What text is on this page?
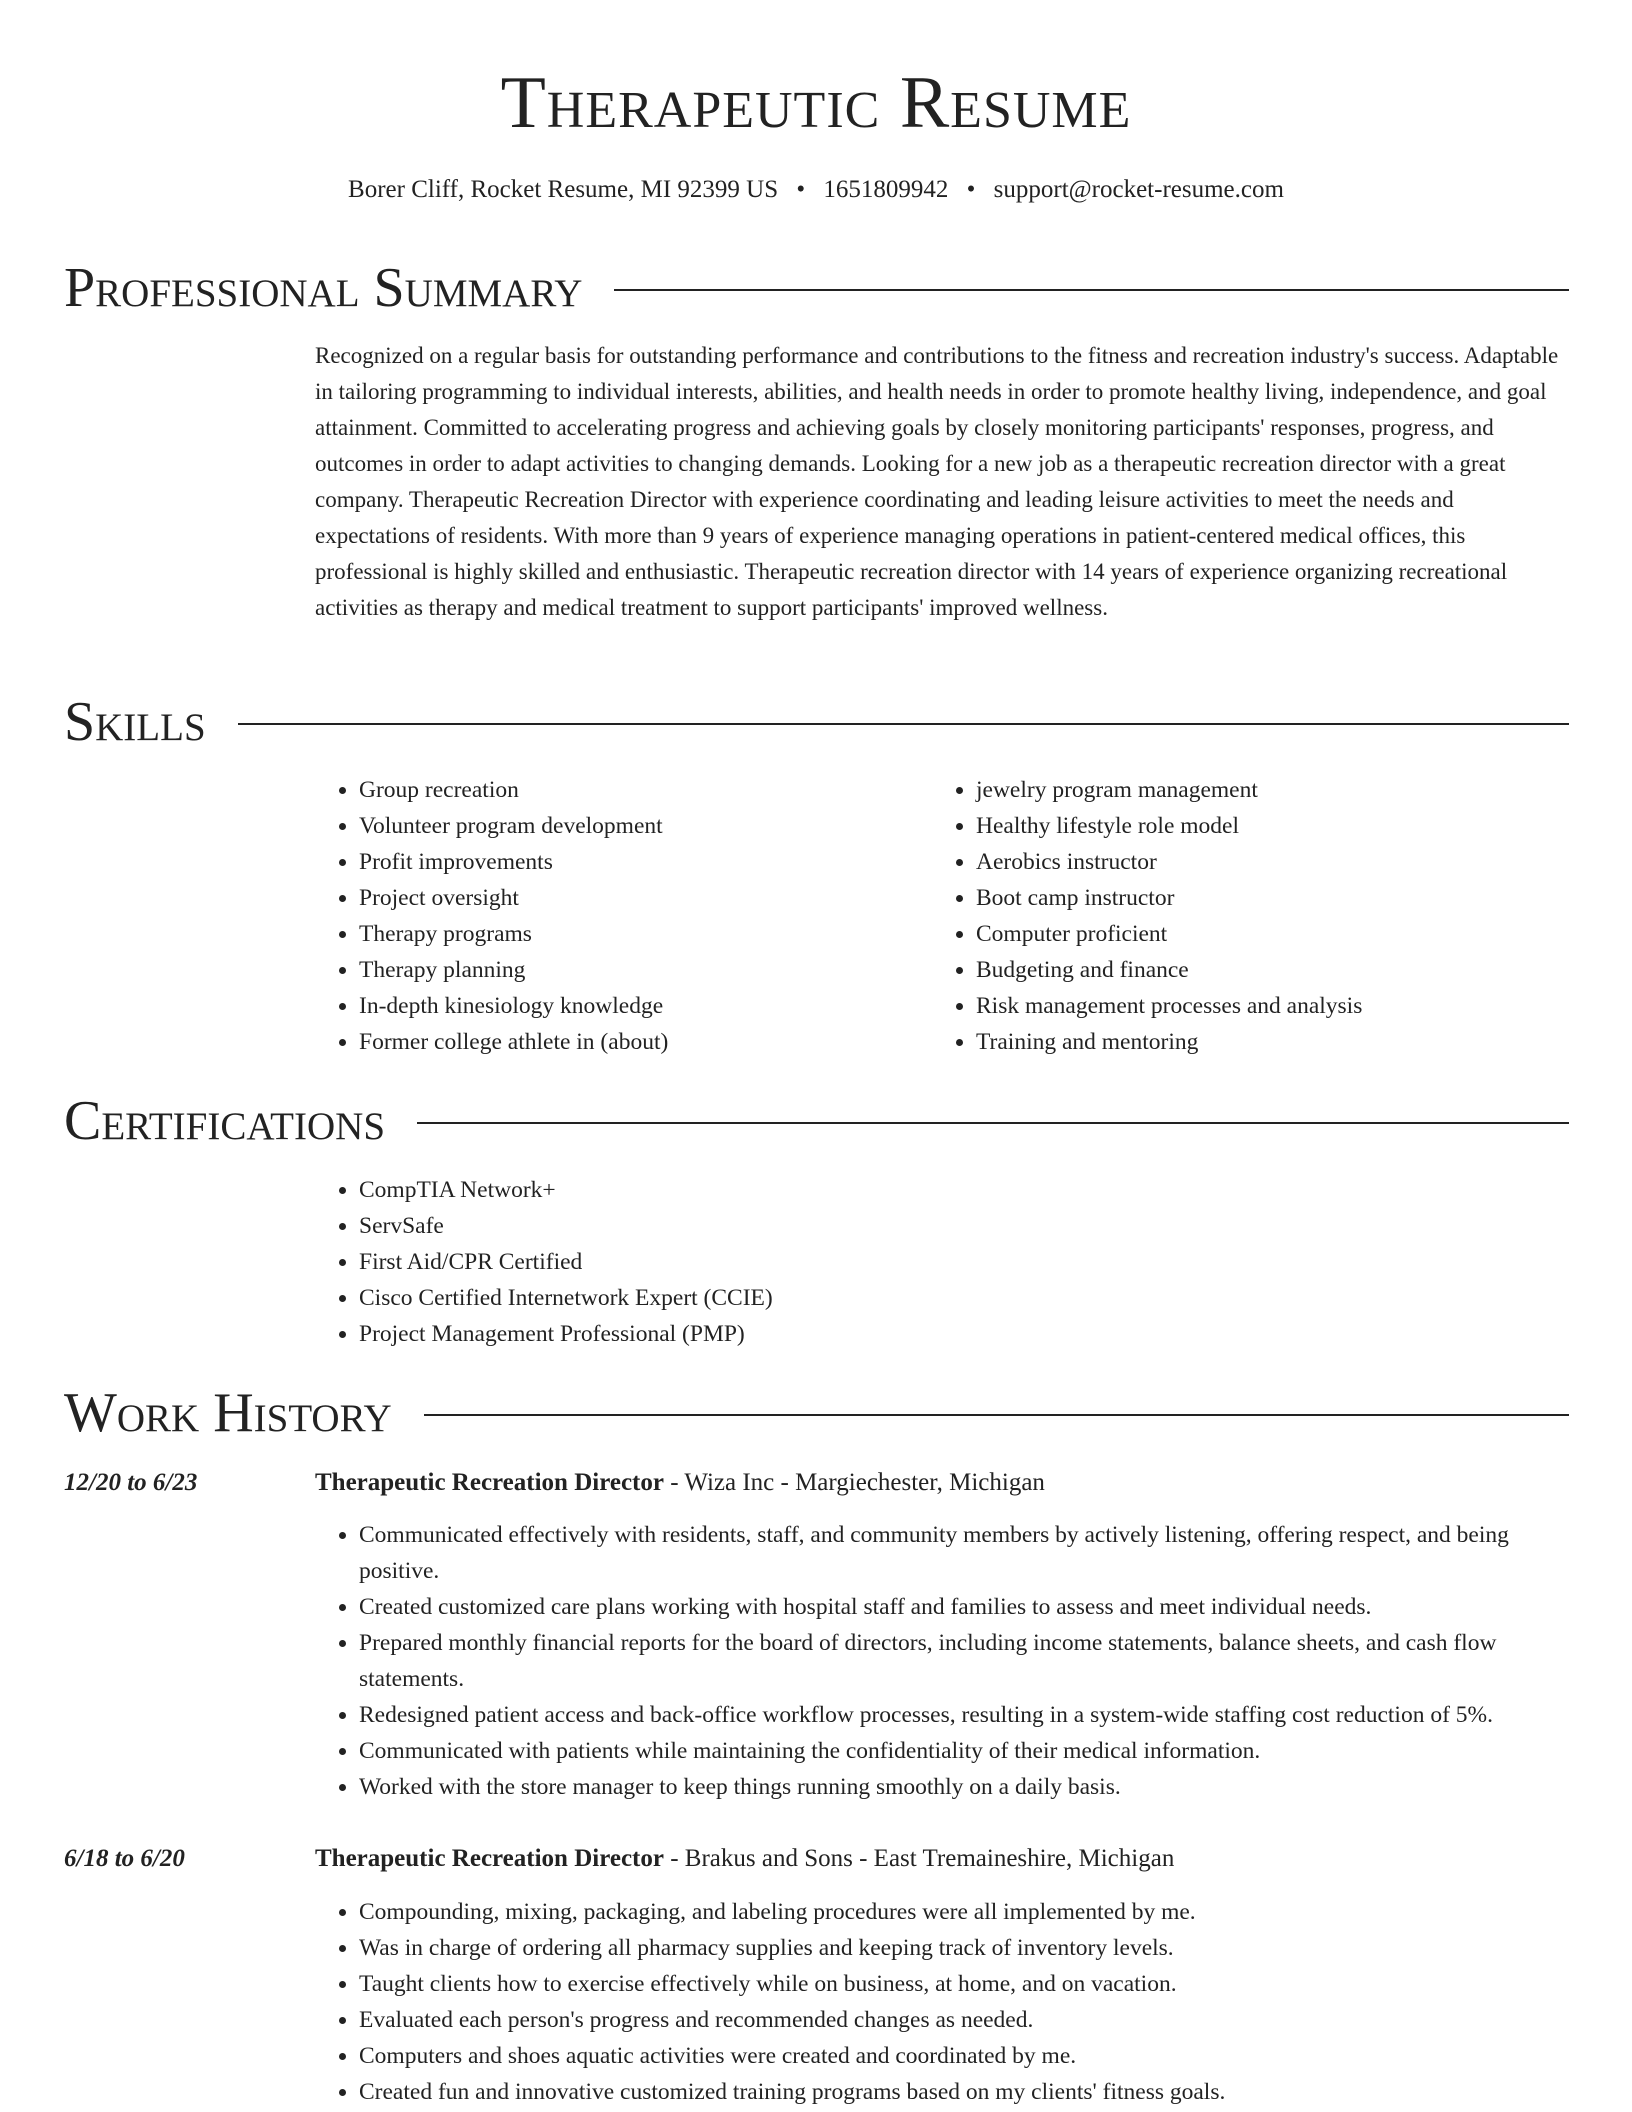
Therapeutic Resume
Borer Cliff, Rocket Resume, MI 92399 US • 1651809942 • support@rocket-resume.com
Professional Summary

Recognized on a regular basis for outstanding performance and contributions to the fitness and recreation industry's success. Adaptable in tailoring programming to individual interests, abilities, and health needs in order to promote healthy living, independence, and goal attainment. Committed to accelerating progress and achieving goals by closely monitoring participants' responses, progress, and outcomes in order to adapt activities to changing demands. Looking for a new job as a therapeutic recreation director with a great company. Therapeutic Recreation Director with experience coordinating and leading leisure activities to meet the needs and expectations of residents. With more than 9 years of experience managing operations in patient-centered medical offices, this professional is highly skilled and enthusiastic. Therapeutic recreation director with 14 years of experience organizing recreational activities as therapy and medical treatment to support participants' improved wellness.

Skills
• Group recreation
• Volunteer program development
• Profit improvements
• Project oversight
• Therapy programs
• Therapy planning
• In-depth kinesiology knowledge
• Former college athlete in (about)
• jewelry program management
• Healthy lifestyle role model
• Aerobics instructor
• Boot camp instructor
• Computer proficient
• Budgeting and finance
• Risk management processes and analysis
• Training and mentoring
Certifications
• CompTIA Network+
• ServSafe
• First Aid/CPR Certified
• Cisco Certified Internetwork Expert (CCIE)
• Project Management Professional (PMP)
Work History
12/20 to 6/23	Therapeutic Recreation Director - Wiza Inc - Margiechester, Michigan
• Communicated effectively with residents, staff, and community members by actively listening, offering respect, and being positive.
• Created customized care plans working with hospital staff and families to assess and meet individual needs.
• Prepared monthly financial reports for the board of directors, including income statements, balance sheets, and cash flow statements.
• Redesigned patient access and back-office workflow processes, resulting in a system-wide staffing cost reduction of 5%.
• Communicated with patients while maintaining the confidentiality of their medical information.
• Worked with the store manager to keep things running smoothly on a daily basis.
6/18 to 6/20	Therapeutic Recreation Director - Brakus and Sons - East Tremaineshire, Michigan
• Compounding, mixing, packaging, and labeling procedures were all implemented by me.
• Was in charge of ordering all pharmacy supplies and keeping track of inventory levels.
• Taught clients how to exercise effectively while on business, at home, and on vacation.
• Evaluated each person's progress and recommended changes as needed.
• Computers and shoes aquatic activities were created and coordinated by me.
• Created fun and innovative customized training programs based on my clients' fitness goals.
